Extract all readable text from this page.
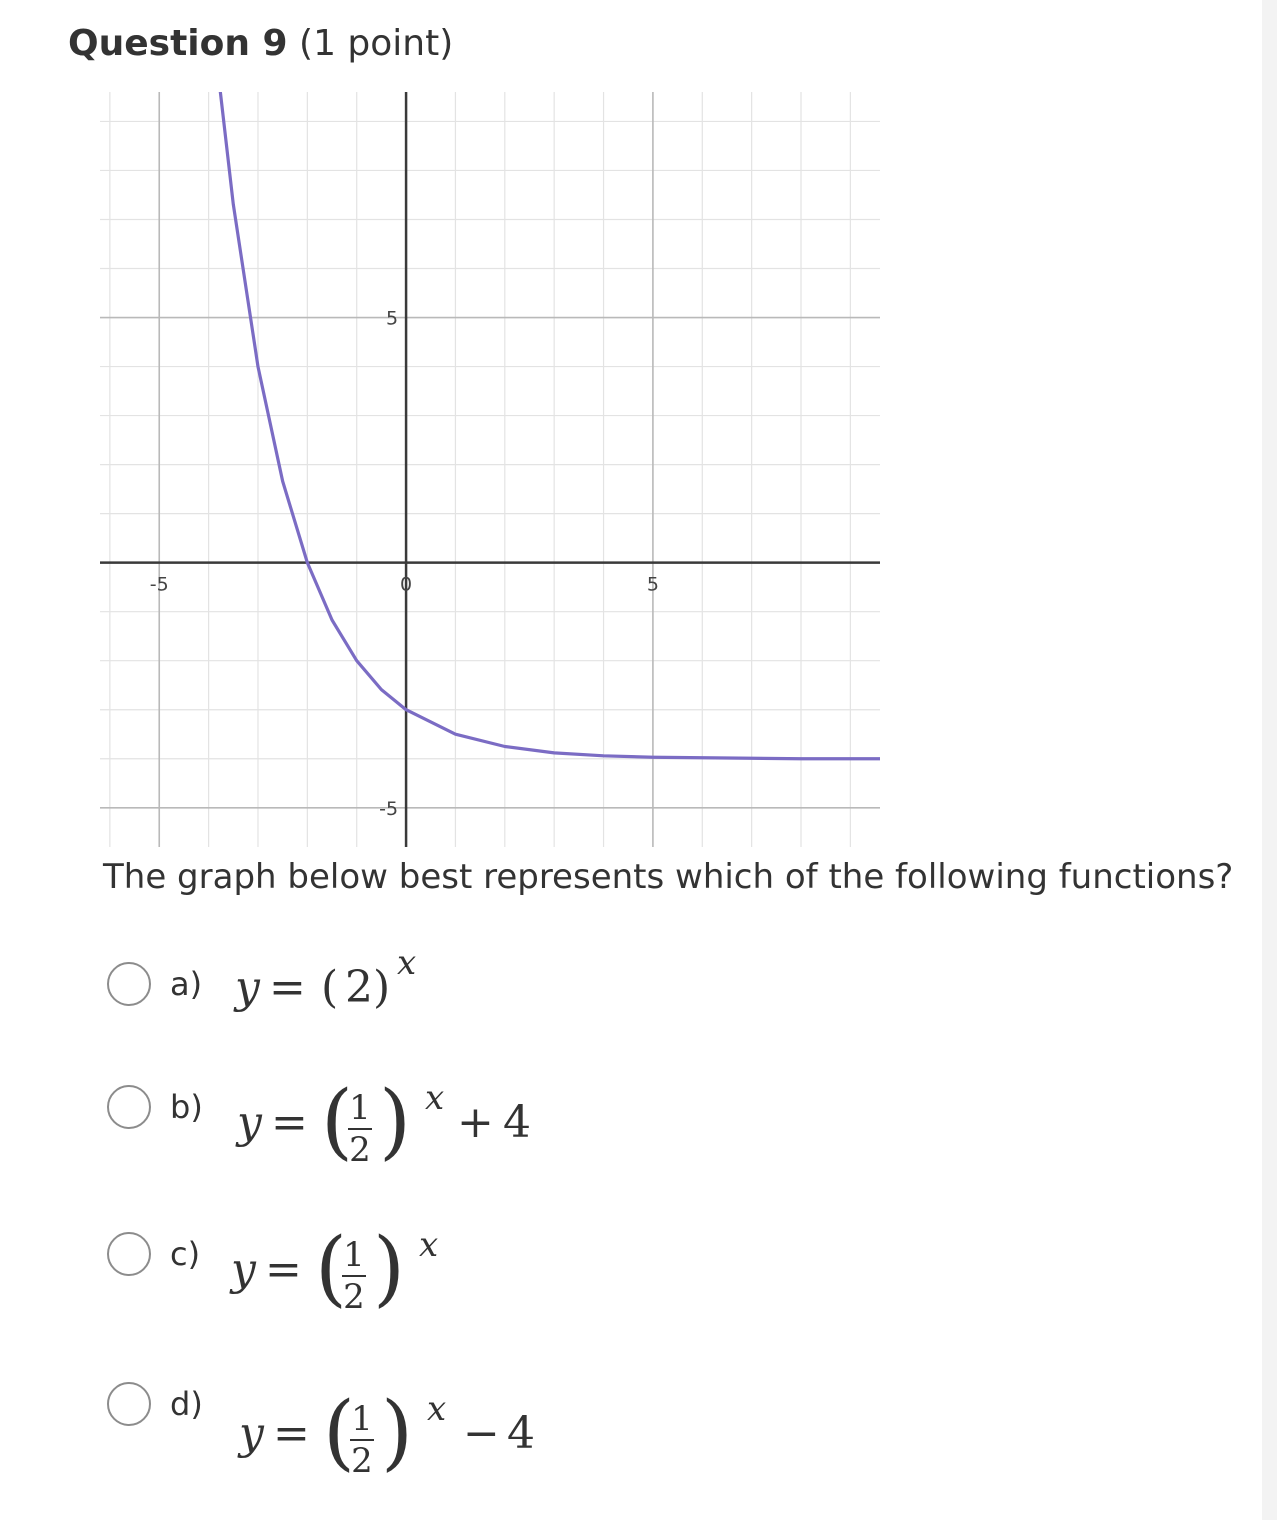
Question 9 (1 point)
-5	0	5
5
-5
The graph below best represents which of the following functions?
a) y = ( 2 ) x
b) y = (
1
2 ) x + 4
c) y = (
1
2 ) x
d)
y = (
1
2 ) x − 4
